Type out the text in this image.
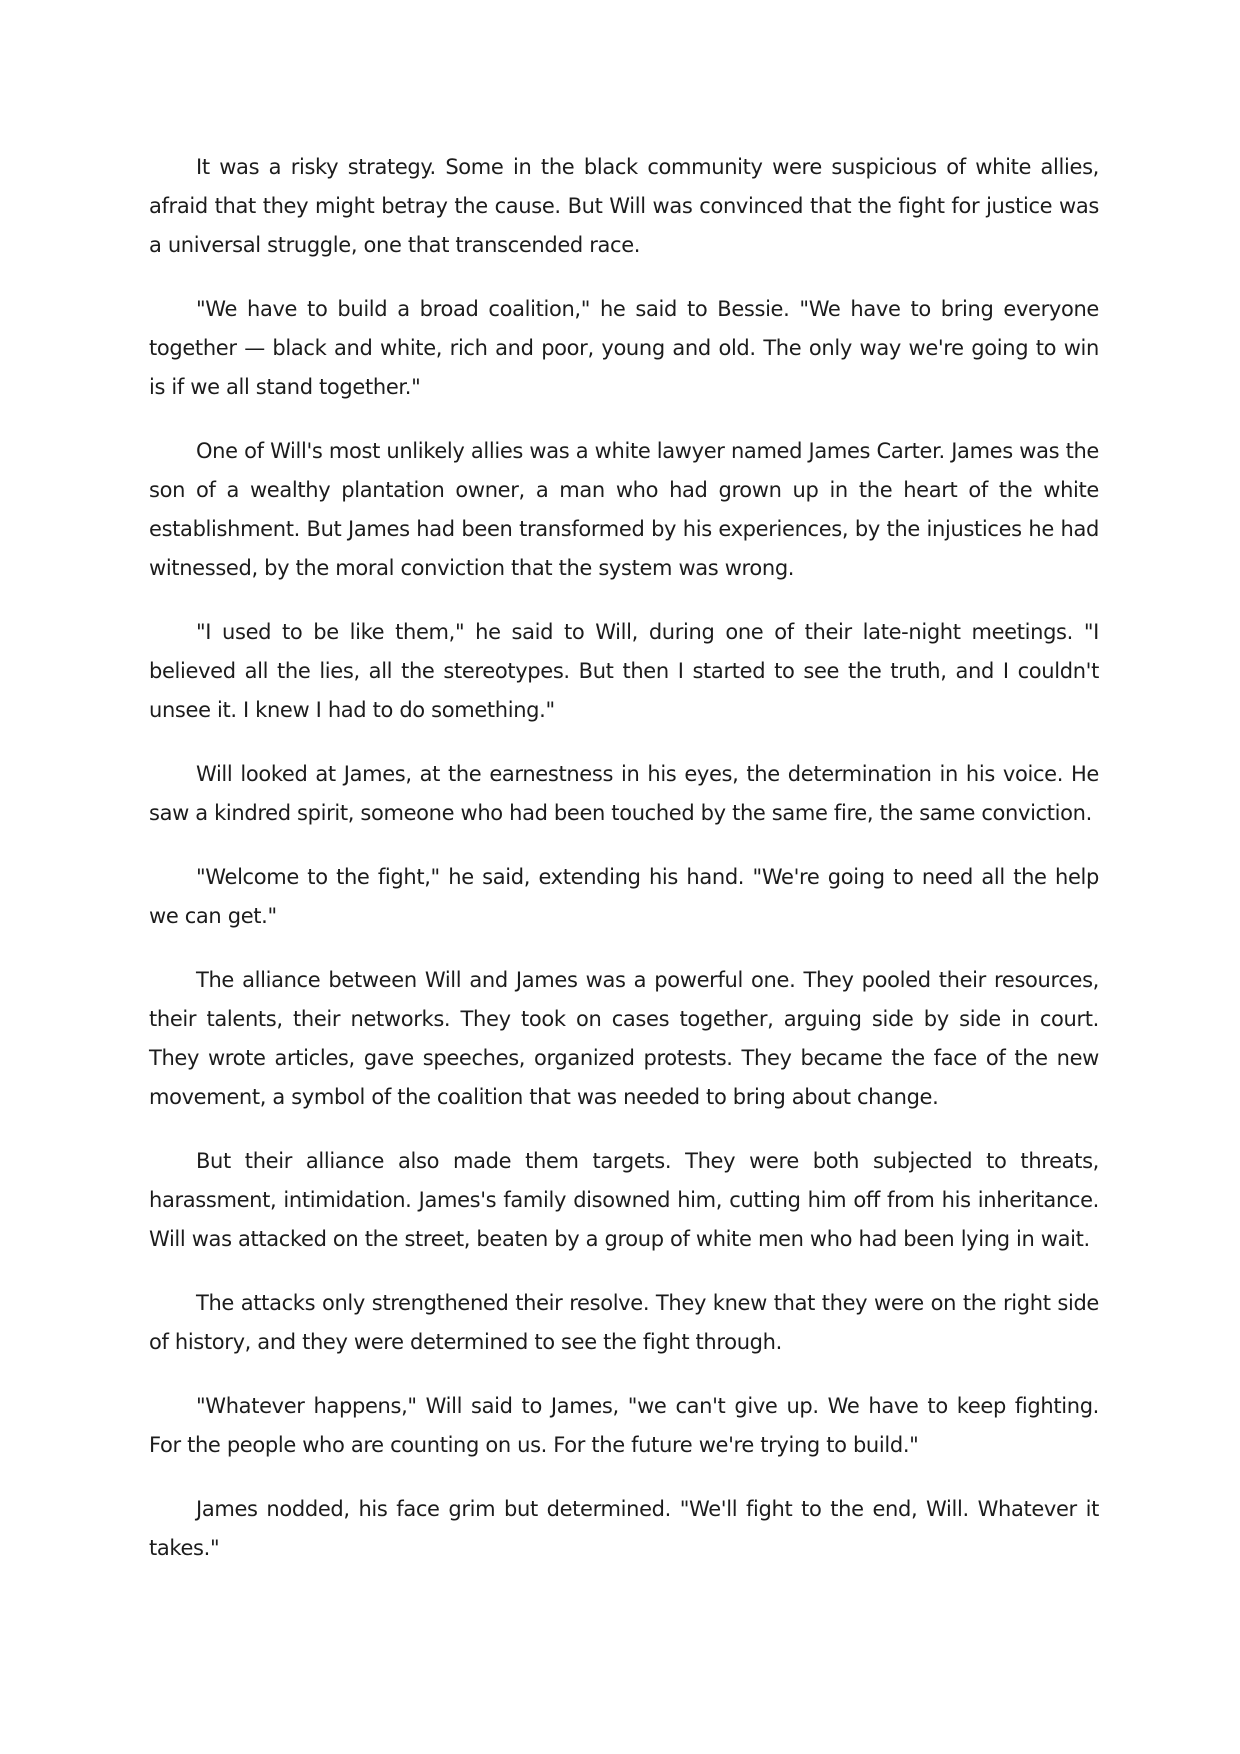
It was a risky strategy. Some in the black community were suspicious of white allies, afraid that they might betray the cause. But Will was convinced that the fight for justice was a universal struggle, one that transcended race.

"We have to build a broad coalition," he said to Bessie. "We have to bring everyone together — black and white, rich and poor, young and old. The only way we're going to win is if we all stand together."

One of Will's most unlikely allies was a white lawyer named James Carter. James was the son of a wealthy plantation owner, a man who had grown up in the heart of the white establishment. But James had been transformed by his experiences, by the injustices he had witnessed, by the moral conviction that the system was wrong.

"I used to be like them," he said to Will, during one of their late-night meetings. "I believed all the lies, all the stereotypes. But then I started to see the truth, and I couldn't unsee it. I knew I had to do something."

Will looked at James, at the earnestness in his eyes, the determination in his voice. He saw a kindred spirit, someone who had been touched by the same fire, the same conviction.

"Welcome to the fight," he said, extending his hand. "We're going to need all the help we can get."

The alliance between Will and James was a powerful one. They pooled their resources, their talents, their networks. They took on cases together, arguing side by side in court. They wrote articles, gave speeches, organized protests. They became the face of the new movement, a symbol of the coalition that was needed to bring about change.

But their alliance also made them targets. They were both subjected to threats, harassment, intimidation. James's family disowned him, cutting him off from his inheritance. Will was attacked on the street, beaten by a group of white men who had been lying in wait.

The attacks only strengthened their resolve. They knew that they were on the right side of history, and they were determined to see the fight through.

"Whatever happens," Will said to James, "we can't give up. We have to keep fighting. For the people who are counting on us. For the future we're trying to build."

James nodded, his face grim but determined. "We'll fight to the end, Will. Whatever it takes."
